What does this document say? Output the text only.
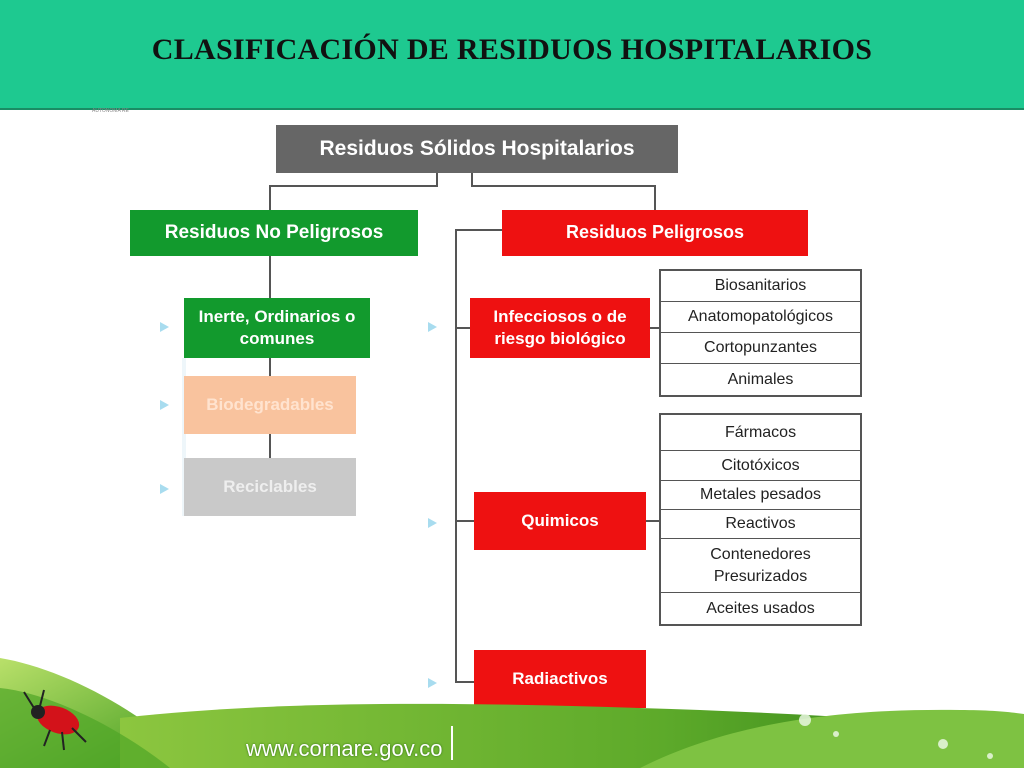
CLASIFICACIÓN DE RESIDUOS HOSPITALARIOS
AUTONOMA RE
Residuos Sólidos Hospitalarios
Residuos No Peligrosos
Inerte, Ordinarios o comunes
Biodegradables
Reciclables
Residuos Peligrosos
Infecciosos o de riesgo biológico
Quimicos
Radiactivos
Biosanitarios
Anatomopatológicos
Cortopunzantes
Animales
Fármacos
Citotóxicos
Metales pesados
Reactivos
Contenedores Presurizados
Aceites usados
www.cornare.gov.co
